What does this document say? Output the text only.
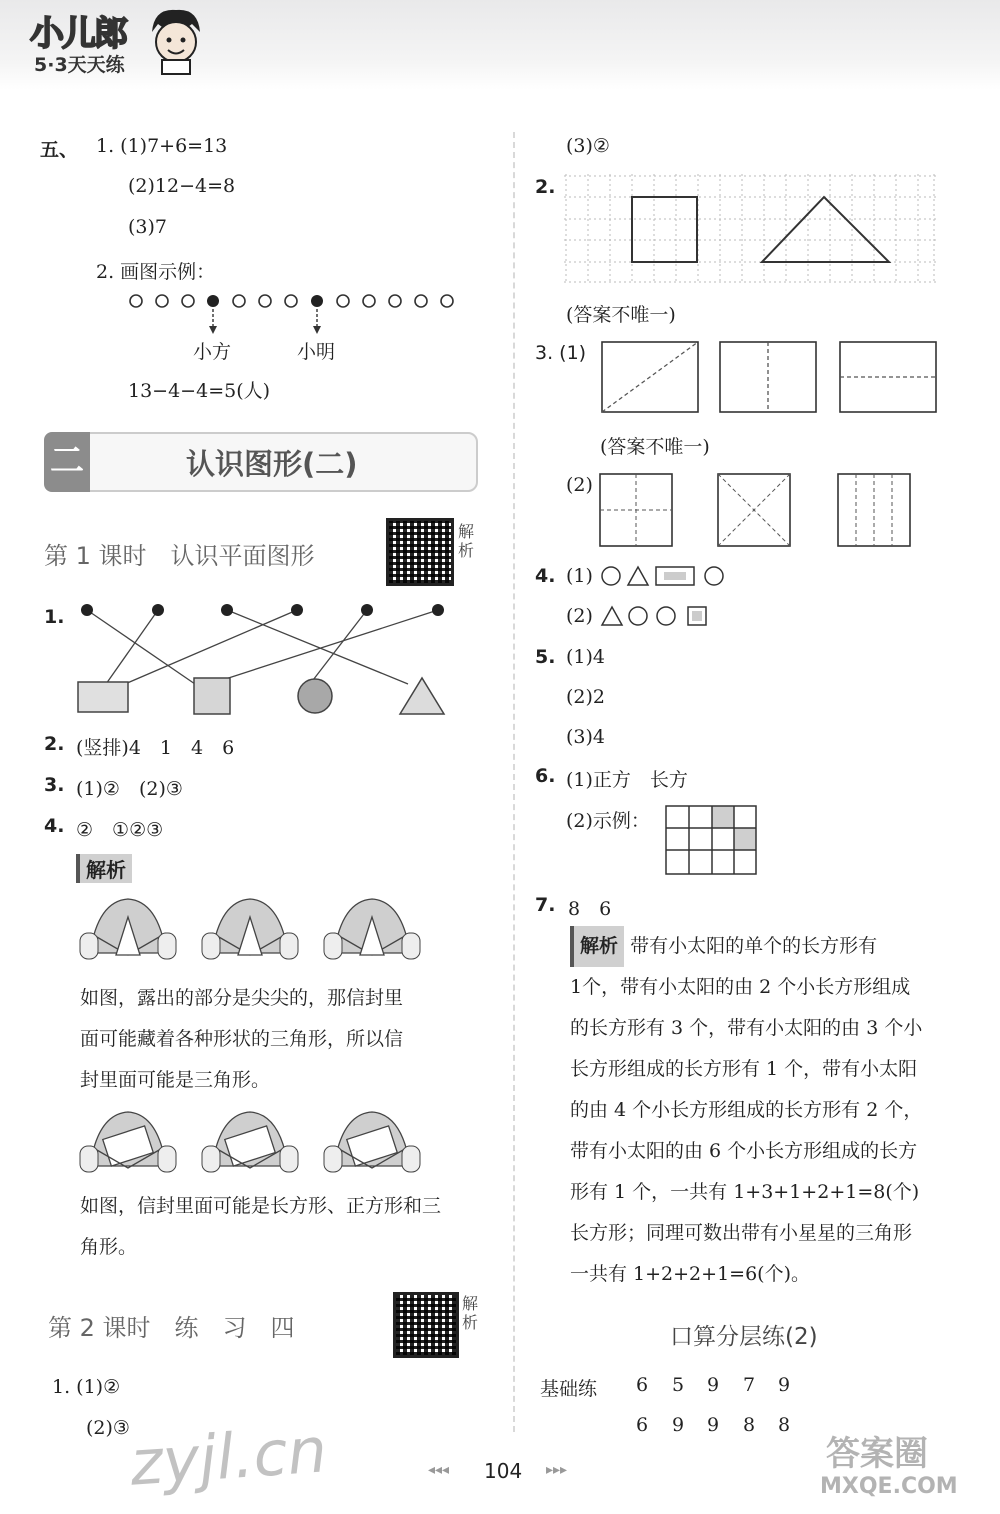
小儿郎
5·3天天练
五、 1. (1)7+6=13
(2)12−4=8
(3)7
2. 画图示例：
小方	小明
13−4−4=5(人)
二	认识图形(二)
第 1 课时　认识平面图形
解析
1.
2. (竖排)4　1　4　6
3. (1)②　(2)③
4. ②　①②③
解析
如图，露出的部分是尖尖的，那信封里
面可能藏着各种形状的三角形，所以信
封里面可能是三角形。
如图，信封里面可能是长方形、正方形和三
角形。
第 2 课时　练　习　四
解析
1. (1)②
(2)③
(3)②
2.
(答案不唯一)
3. (1)
(答案不唯一)
(2)
4. (1)
(2)
5. (1)4
(2)2
(3)4
6. (1)正方　长方
(2)示例：
7. 8　6
解析 带有小太阳的单个的长方形有
1个，带有小太阳的由 2 个小长方形组成
的长方形有 3 个，带有小太阳的由 3 个小
长方形组成的长方形有 1 个，带有小太阳
的由 4 个小长方形组成的长方形有 2 个，
带有小太阳的由 6 个小长方形组成的长方
形有 1 个，一共有 1+3+1+2+1=8(个)
长方形；同理可数出带有小星星的三角形
一共有 1+2+2+1=6(个)。
口算分层练(2)
基础练 6 5 9 7 9
6 9 9 8 8
◂◂◂ 104 ▸▸▸
zyjl.cn	答案圈
MXQE.COM
